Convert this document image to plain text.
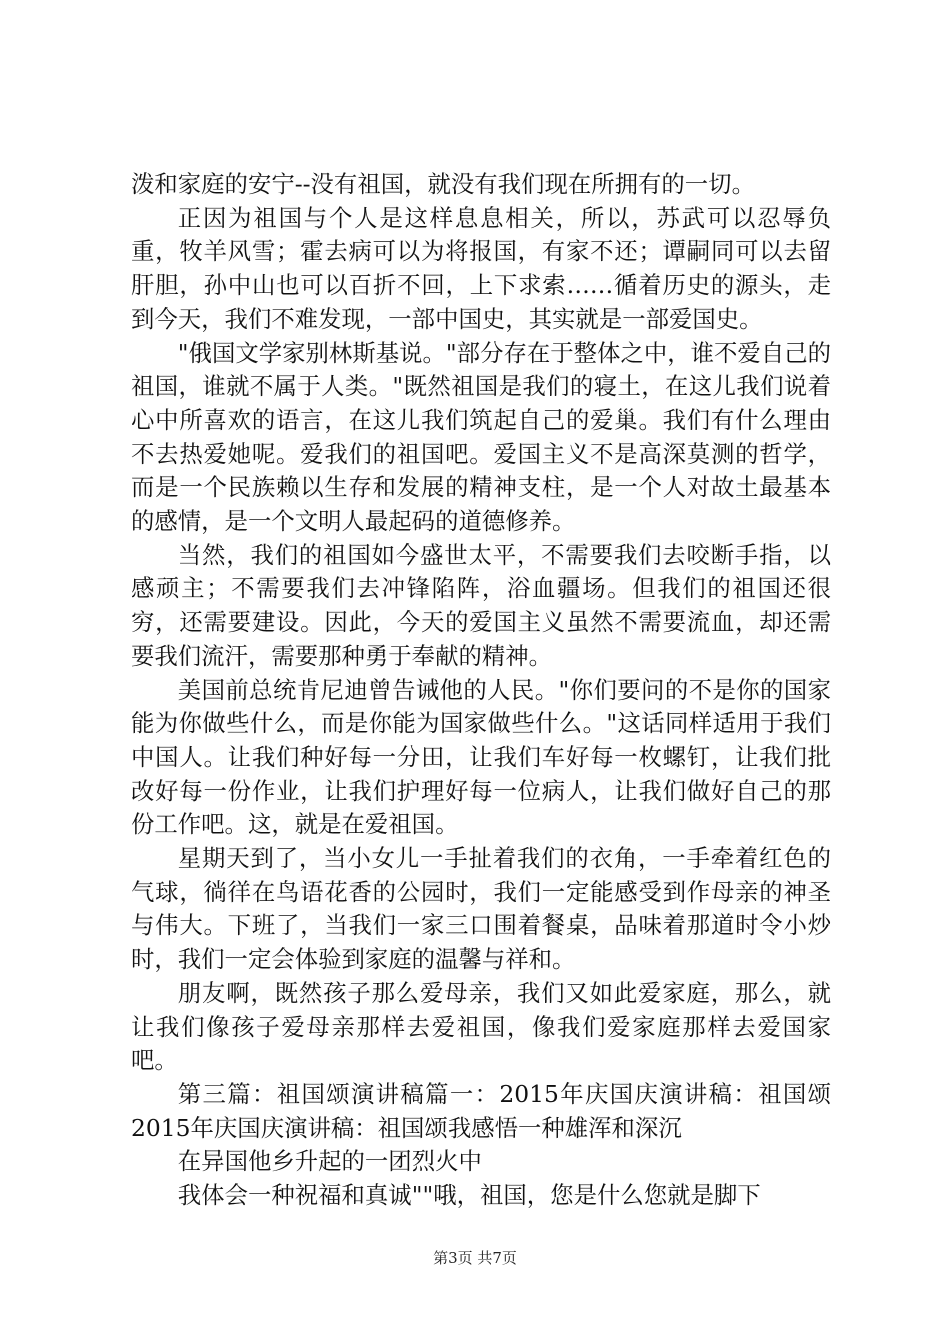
泼和家庭的安宁--没有祖国，就没有我们现在所拥有的一切。

正因为祖国与个人是这样息息相关，所以，苏武可以忍辱负重，牧羊风雪；霍去病可以为将报国，有家不还；谭嗣同可以去留肝胆，孙中山也可以百折不回，上下求索……循着历史的源头，走到今天，我们不难发现，一部中国史，其实就是一部爱国史。

"俄国文学家别林斯基说。"部分存在于整体之中，谁不爱自己的祖国，谁就不属于人类。"既然祖国是我们的寝土，在这儿我们说着心中所喜欢的语言，在这儿我们筑起自己的爱巢。我们有什么理由不去热爱她呢。爱我们的祖国吧。爱国主义不是高深莫测的哲学，而是一个民族赖以生存和发展的精神支柱，是一个人对故土最基本的感情，是一个文明人最起码的道德修养。

当然，我们的祖国如今盛世太平，不需要我们去咬断手指，以感顽主；不需要我们去冲锋陷阵，浴血疆场。但我们的祖国还很穷，还需要建设。因此，今天的爱国主义虽然不需要流血，却还需要我们流汗，需要那种勇于奉献的精神。

美国前总统肯尼迪曾告诫他的人民。"你们要问的不是你的国家能为你做些什么，而是你能为国家做些什么。"这话同样适用于我们中国人。让我们种好每一分田，让我们车好每一枚螺钉，让我们批改好每一份作业，让我们护理好每一位病人，让我们做好自己的那份工作吧。这，就是在爱祖国。

星期天到了，当小女儿一手扯着我们的衣角，一手牵着红色的气球，徜徉在鸟语花香的公园时，我们一定能感受到作母亲的神圣与伟大。下班了，当我们一家三口围着餐桌，品味着那道时令小炒时，我们一定会体验到家庭的温馨与祥和。

朋友啊，既然孩子那么爱母亲，我们又如此爱家庭，那么，就让我们像孩子爱母亲那样去爱祖国，像我们爱家庭那样去爱国家吧。

第三篇：祖国颂演讲稿篇一：2015年庆国庆演讲稿：祖国颂2015年庆国庆演讲稿：祖国颂我感悟一种雄浑和深沉

在异国他乡升起的一团烈火中

我体会一种祝福和真诚""哦，祖国，您是什么您就是脚下

第3页 共7页
